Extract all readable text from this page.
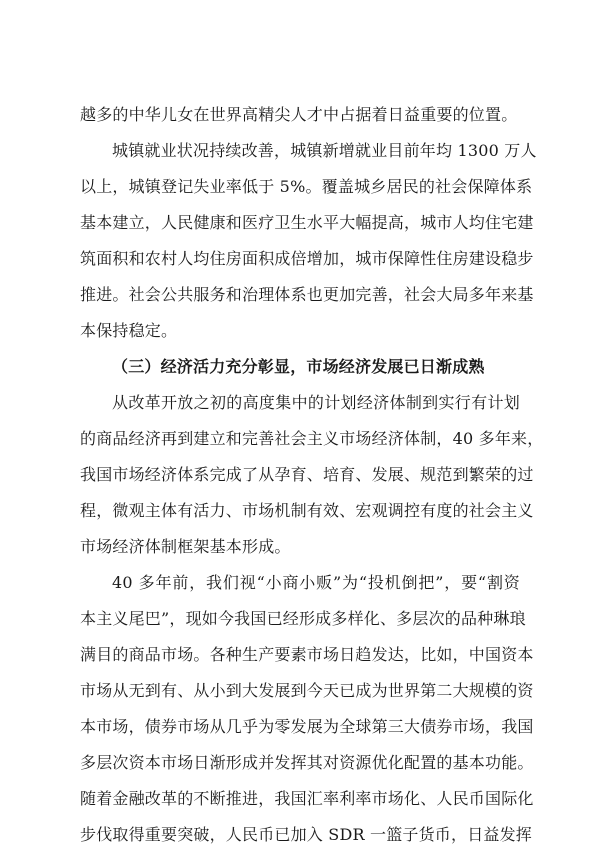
越多的中华儿女在世界高精尖人才中占据着日益重要的位置。
城镇就业状况持续改善，城镇新增就业目前年均 1300 万人
以上，城镇登记失业率低于 5%。覆盖城乡居民的社会保障体系
基本建立，人民健康和医疗卫生水平大幅提高，城市人均住宅建
筑面积和农村人均住房面积成倍增加，城市保障性住房建设稳步
推进。社会公共服务和治理体系也更加完善，社会大局多年来基
本保持稳定。
（三）经济活力充分彰显，市场经济发展已日渐成熟
从改革开放之初的高度集中的计划经济体制到实行有计划
的商品经济再到建立和完善社会主义市场经济体制，40 多年来，
我国市场经济体系完成了从孕育、培育、发展、规范到繁荣的过
程，微观主体有活力、市场机制有效、宏观调控有度的社会主义
市场经济体制框架基本形成。
40 多年前，我们视“小商小贩”为“投机倒把”，要“割资
本主义尾巴”，现如今我国已经形成多样化、多层次的品种琳琅
满目的商品市场。各种生产要素市场日趋发达，比如，中国资本
市场从无到有、从小到大发展到今天已成为世界第二大规模的资
本市场，债券市场从几乎为零发展为全球第三大债券市场，我国
多层次资本市场日渐形成并发挥其对资源优化配置的基本功能。
随着金融改革的不断推进，我国汇率利率市场化、人民币国际化
步伐取得重要突破，人民币已加入 SDR 一篮子货币，日益发挥
